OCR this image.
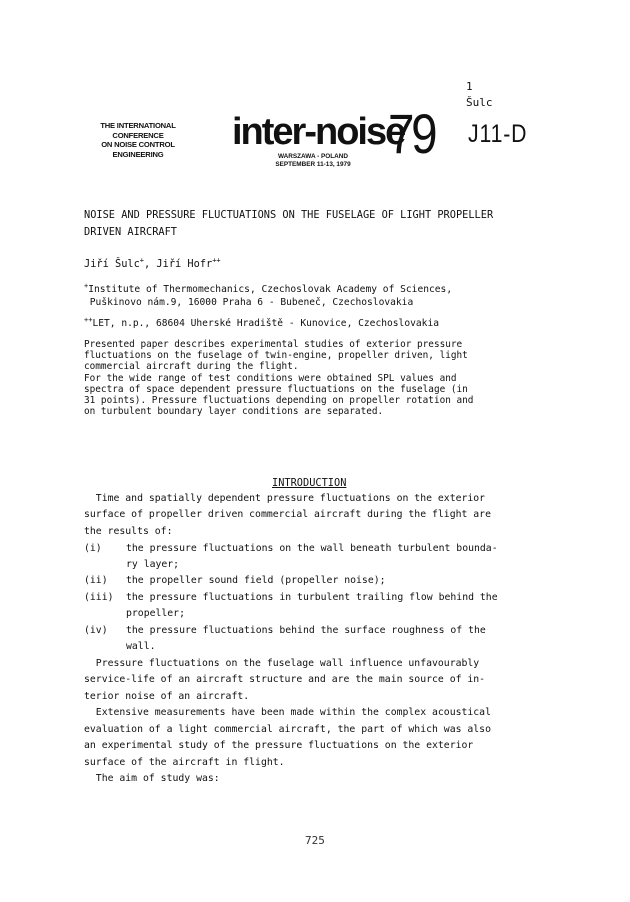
1
Šulc
THE INTERNATIONAL
CONFERENCE
ON NOISE CONTROL
ENGINEERING
inter-noise
79
WARSZAWA - POLAND
SEPTEMBER 11-13, 1979
J11-D
NOISE AND PRESSURE FLUCTUATIONS ON THE FUSELAGE OF LIGHT PROPELLER
DRIVEN AIRCRAFT
Jiří Šulc+, Jiří Hofr++
+Institute of Thermomechanics, Czechoslovak Academy of Sciences,
Puškinovo nám.9, 16000 Praha 6 - Bubeneč, Czechoslovakia
++LET, n.p., 68604 Uherské Hradiště - Kunovice, Czechoslovakia
Presented paper describes experimental studies of exterior pressure
fluctuations on the fuselage of twin-engine, propeller driven, light
commercial aircraft during the flight.
For the wide range of test conditions were obtained SPL values and
spectra of space dependent pressure fluctuations on the fuselage (in
31 points). Pressure fluctuations depending on propeller rotation and
on turbulent boundary layer conditions are separated.
INTRODUCTION
Time and spatially dependent pressure fluctuations on the exterior
surface of propeller driven commercial aircraft during the flight are
the results of:
(i) the pressure fluctuations on the wall beneath turbulent bounda-
ry layer;
(ii) the propeller sound field (propeller noise);
(iii) the pressure fluctuations in turbulent trailing flow behind the
propeller;
(iv) the pressure fluctuations behind the surface roughness of the
wall.
Pressure fluctuations on the fuselage wall influence unfavourably
service-life of an aircraft structure and are the main source of in-
terior noise of an aircraft.
Extensive measurements have been made within the complex acoustical
evaluation of a light commercial aircraft, the part of which was also
an experimental study of the pressure fluctuations on the exterior
surface of the aircraft in flight.
The aim of study was:
725
